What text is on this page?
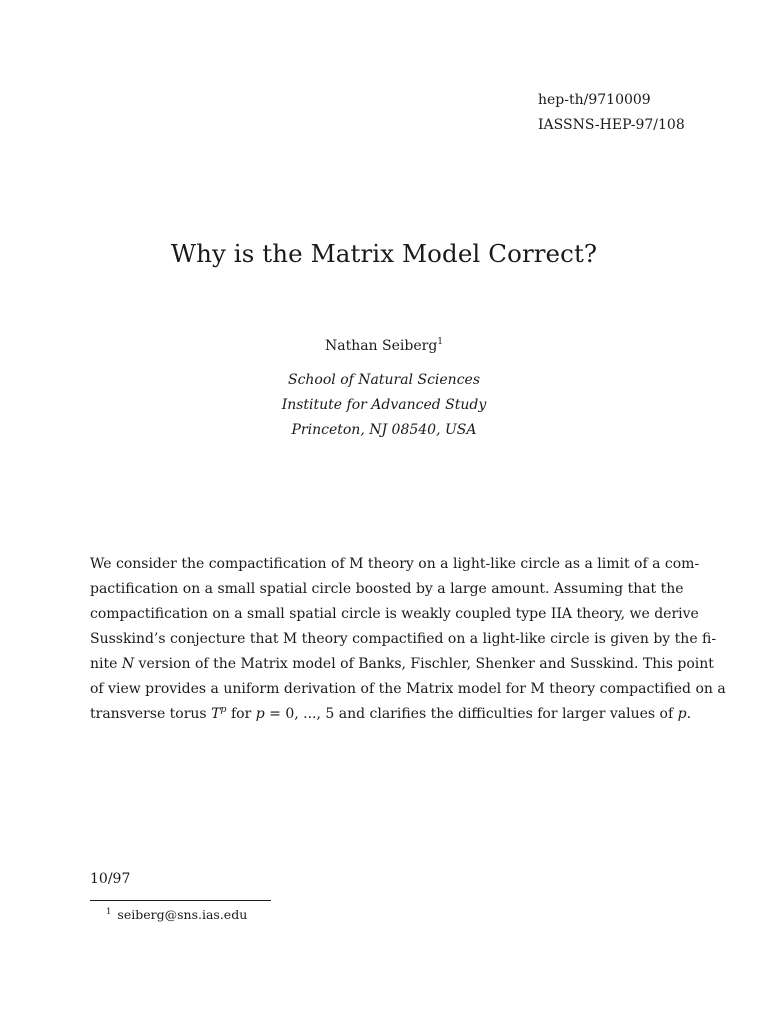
hep-th/9710009
IASSNS-HEP-97/108
Why is the Matrix Model Correct?
Nathan Seiberg$^1$
School of Natural Sciences
Institute for Advanced Study
Princeton, NJ 08540, USA
We consider the compactification of M theory on a light-like circle as a limit of a com-
pactification on a small spatial circle boosted by a large amount. Assuming that the
compactification on a small spatial circle is weakly coupled type IIA theory, we derive
Susskind’s conjecture that M theory compactified on a light-like circle is given by the fi-
nite N version of the Matrix model of Banks, Fischler, Shenker and Susskind. This point
of view provides a uniform derivation of the Matrix model for M theory compactified on a
transverse torus $T^p$ for p = 0, ..., 5 and clarifies the difficulties for larger values of p.
10/97
$^1$ seiberg@sns.ias.edu
